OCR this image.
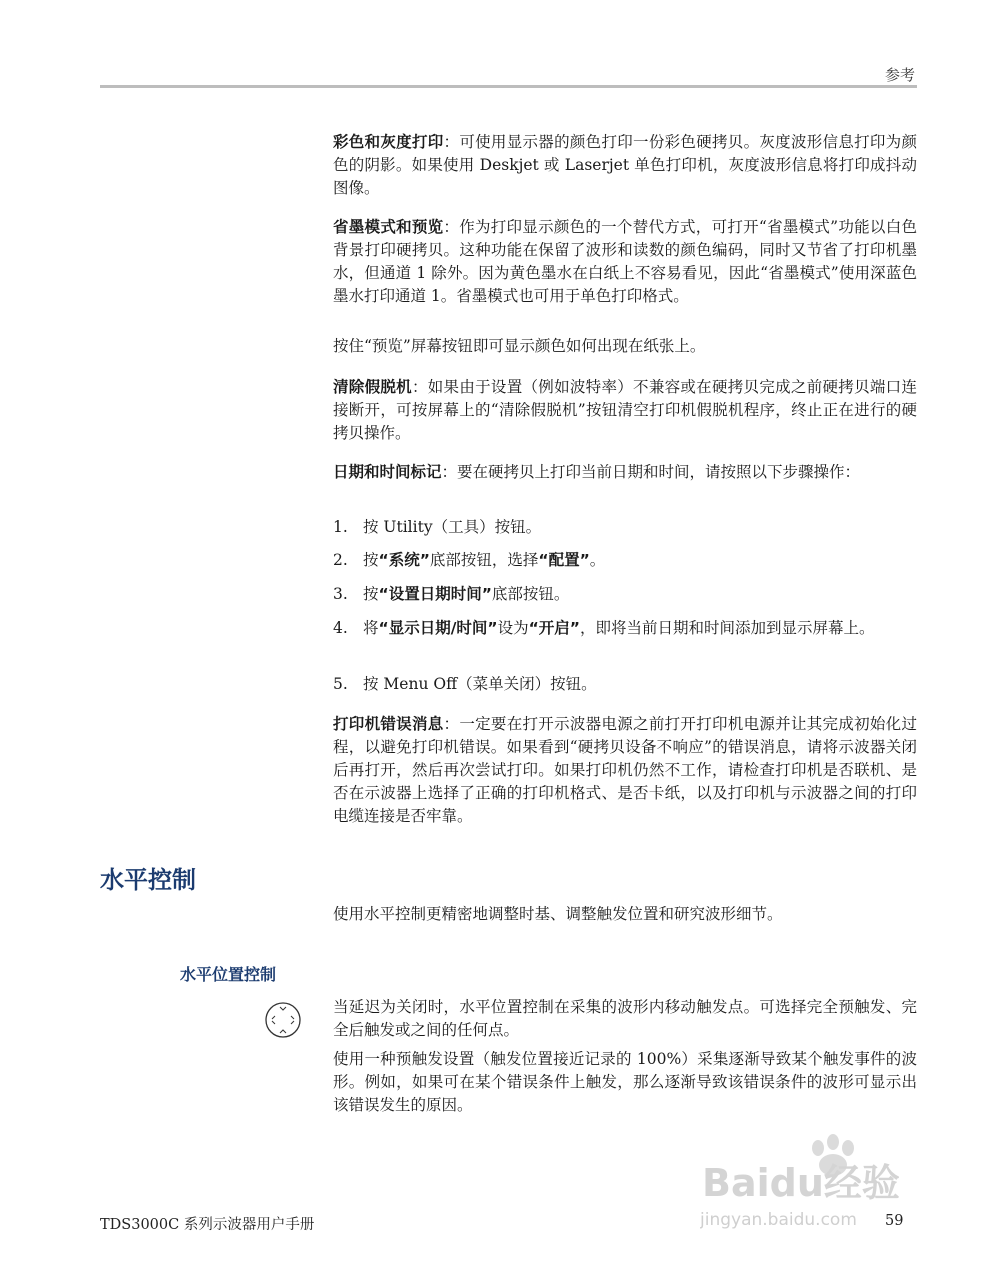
参考

彩色和灰度打印：可使用显示器的颜色打印一份彩色硬拷贝。灰度波形信息打印为颜色的阴影。如果使用 Deskjet 或 Laserjet 单色打印机，灰度波形信息将打印成抖动图像。

省墨模式和预览：作为打印显示颜色的一个替代方式，可打开“省墨模式”功能以白色背景打印硬拷贝。这种功能在保留了波形和读数的颜色编码，同时又节省了打印机墨水，但通道 1 除外。因为黄色墨水在白纸上不容易看见，因此“省墨模式”使用深蓝色墨水打印通道 1。省墨模式也可用于单色打印格式。

按住“预览”屏幕按钮即可显示颜色如何出现在纸张上。

清除假脱机：如果由于设置（例如波特率）不兼容或在硬拷贝完成之前硬拷贝端口连接断开，可按屏幕上的“清除假脱机”按钮清空打印机假脱机程序，终止正在进行的硬拷贝操作。

日期和时间标记：要在硬拷贝上打印当前日期和时间，请按照以下步骤操作：

1. 按 Utility（工具）按钮。
2. 按“系统”底部按钮，选择“配置”。
3. 按“设置日期时间”底部按钮。
4. 将“显示日期/时间”设为“开启”，即将当前日期和时间添加到显示屏幕上。
5. 按 Menu Off（菜单关闭）按钮。

打印机错误消息：一定要在打开示波器电源之前打开打印机电源并让其完成初始化过程，以避免打印机错误。如果看到“硬拷贝设备不响应”的错误消息，请将示波器关闭后再打开，然后再次尝试打印。如果打印机仍然不工作，请检查打印机是否联机、是否在示波器上选择了正确的打印机格式、是否卡纸，以及打印机与示波器之间的打印电缆连接是否牢靠。

水平控制

使用水平控制更精密地调整时基、调整触发位置和研究波形细节。

水平位置控制

当延迟为关闭时，水平位置控制在采集的波形内移动触发点。可选择完全预触发、完全后触发或之间的任何点。

使用一种预触发设置（触发位置接近记录的 100%）采集逐渐导致某个触发事件的波形。例如，如果可在某个错误条件上触发，那么逐渐导致该错误条件的波形可显示出该错误发生的原因。

Baidu经验
jingyan.baidu.com
TDS3000C 系列示波器用户手册	59
